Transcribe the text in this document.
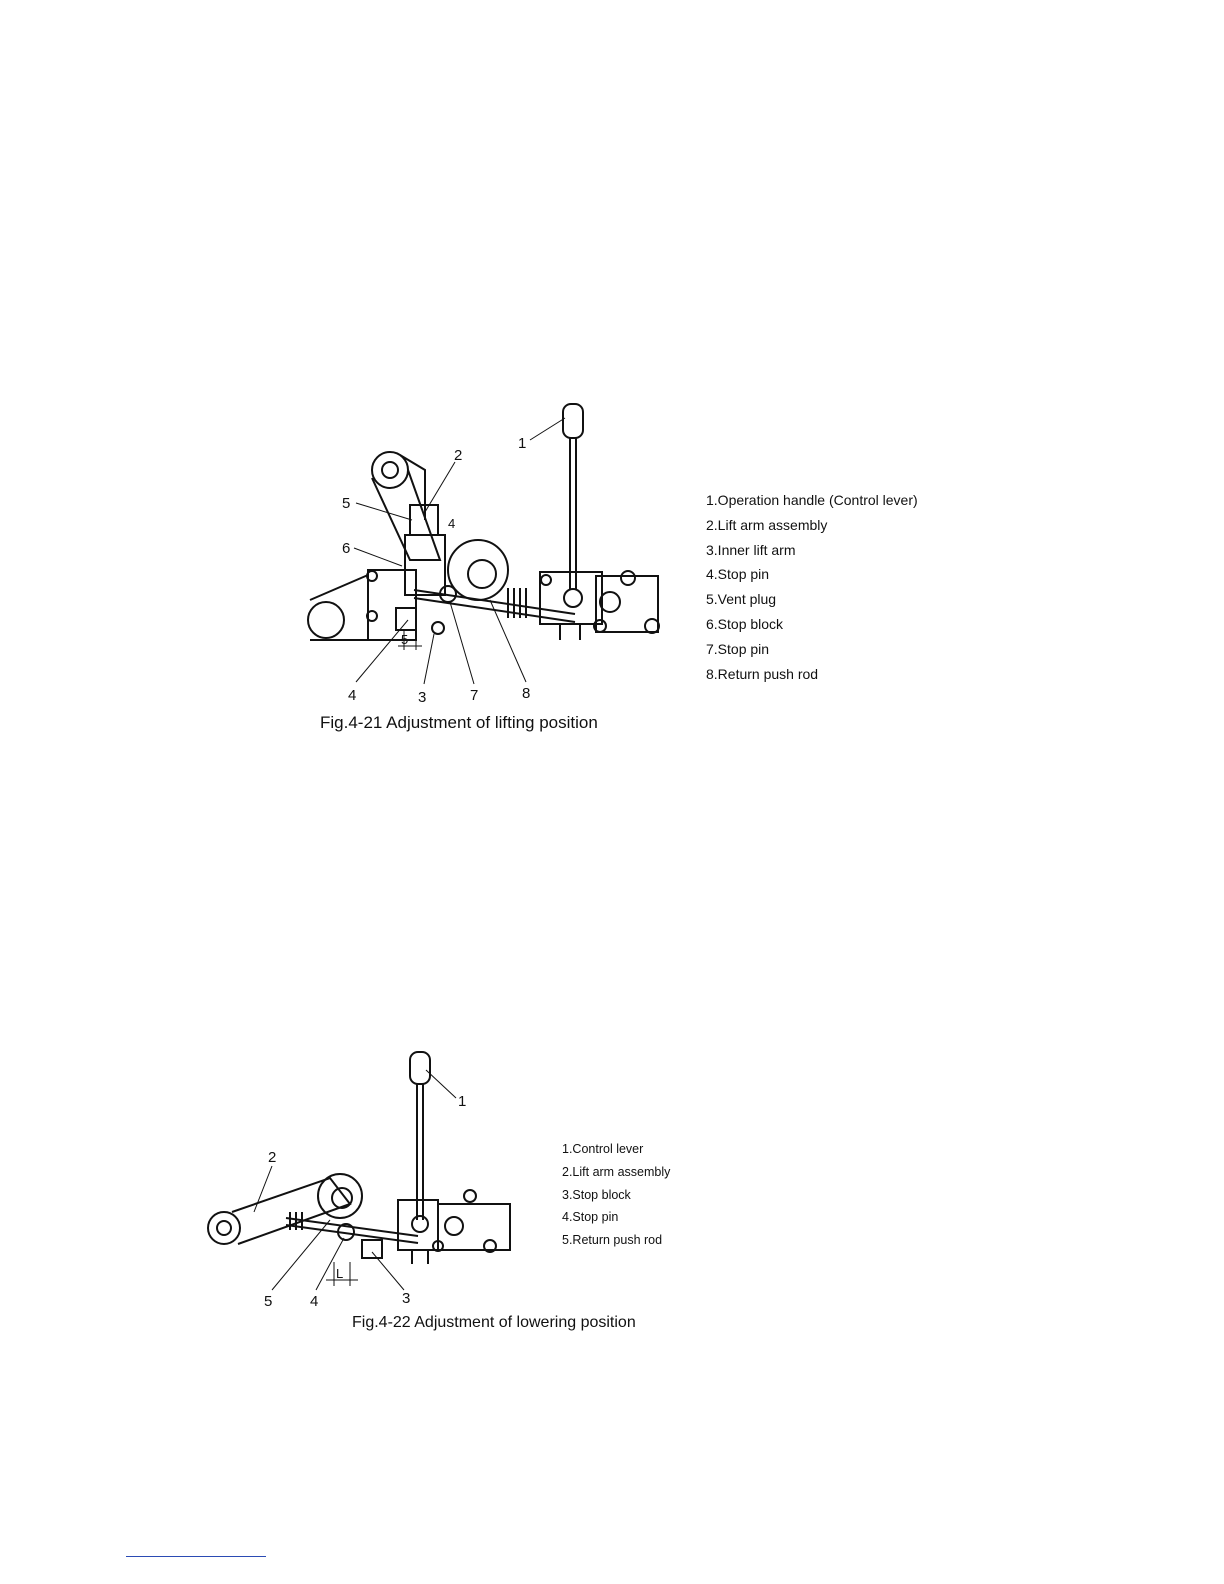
1
2
5
6
4
5
4	3	7	8
1.Operation handle (Control lever)
2.Lift arm assembly
3.Inner lift arm
4.Stop pin
5.Vent plug
6.Stop block
7.Stop pin
8.Return push rod
Fig.4-21 Adjustment of lifting position
1
2
5	4	3
L
1.Control lever
2.Lift arm assembly
3.Stop block
4.Stop pin
5.Return push rod
Fig.4-22 Adjustment of lowering position
